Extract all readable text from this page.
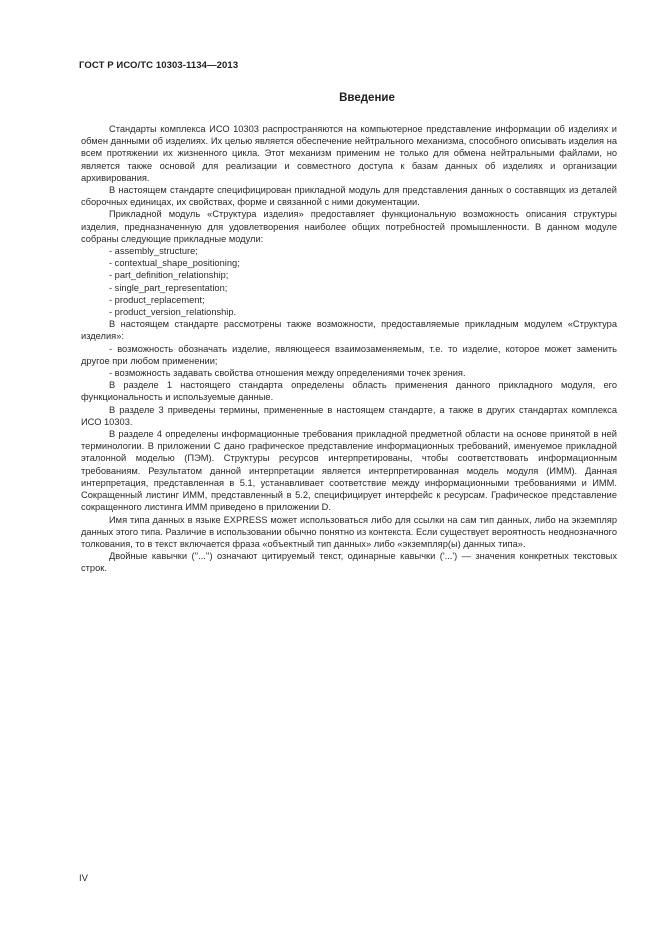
ГОСТ Р ИСО/ТС 10303-1134—2013
Введение

Стандарты комплекса ИСО 10303 распространяются на компьютерное представление информации об изделиях и обмен данными об изделиях. Их целью является обеспечение нейтрального механизма, способного описывать изделия на всем протяжении их жизненного цикла. Этот механизм применим не только для обмена нейтральными файлами, но является также основой для реализации и совместного доступа к базам данных об изделиях и организации архивирования.

В настоящем стандарте специфицирован прикладной модуль для представления данных о составящих из деталей сборочных единицах, их свойствах, форме и связанной с ними документации.

Прикладной модуль «Структура изделия» предоставляет функциональную возможность описания структуры изделия, предназначенную для удовлетворения наиболее общих потребностей промышленности. В данном модуле собраны следующие прикладные модули:

- assembly_structure;
- contextual_shape_positioning;
- part_definition_relationship;
- single_part_representation;
- product_replacement;
- product_version_relationship.

В настоящем стандарте рассмотрены также возможности, предоставляемые прикладным модулем «Структура изделия»:

- возможность обозначать изделие, являющееся взаимозаменяемым, т.е. то изделие, которое может заменить другое при любом применении;

- возможность задавать свойства отношения между определениями точек зрения.

В разделе 1 настоящего стандарта определены область применения данного прикладного модуля, его функциональность и используемые данные.

В разделе 3 приведены термины, примененные в настоящем стандарте, а также в других стандартах комплекса ИСО 10303.

В разделе 4 определены информационные требования прикладной предметной области на основе принятой в ней терминологии. В приложении С дано графическое представление информационных требований, именуемое прикладной эталонной моделью (ПЭМ). Структуры ресурсов интерпретированы, чтобы соответствовать информационным требованиям. Результатом данной интерпретации является интерпретированная модель модуля (ИММ). Данная интерпретация, представленная в 5.1, устанавливает соответствие между информационными требованиями и ИММ. Сокращенный листинг ИММ, представленный в 5.2, специфицирует интерфейс к ресурсам. Графическое представление сокращенного листинга ИММ приведено в приложении D.

Имя типа данных в языке EXPRESS может использоваться либо для ссылки на сам тип данных, либо на экземпляр данных этого типа. Различие в использовании обычно понятно из контекста. Если существует вероятность неоднозначного толкования, то в текст включается фраза «объектный тип данных» либо «экземпляр(ы) данных типа».

Двойные кавычки (''...'') означают цитируемый текст, одинарные кавычки ('...') — значения конкретных текстовых строк.

IV
